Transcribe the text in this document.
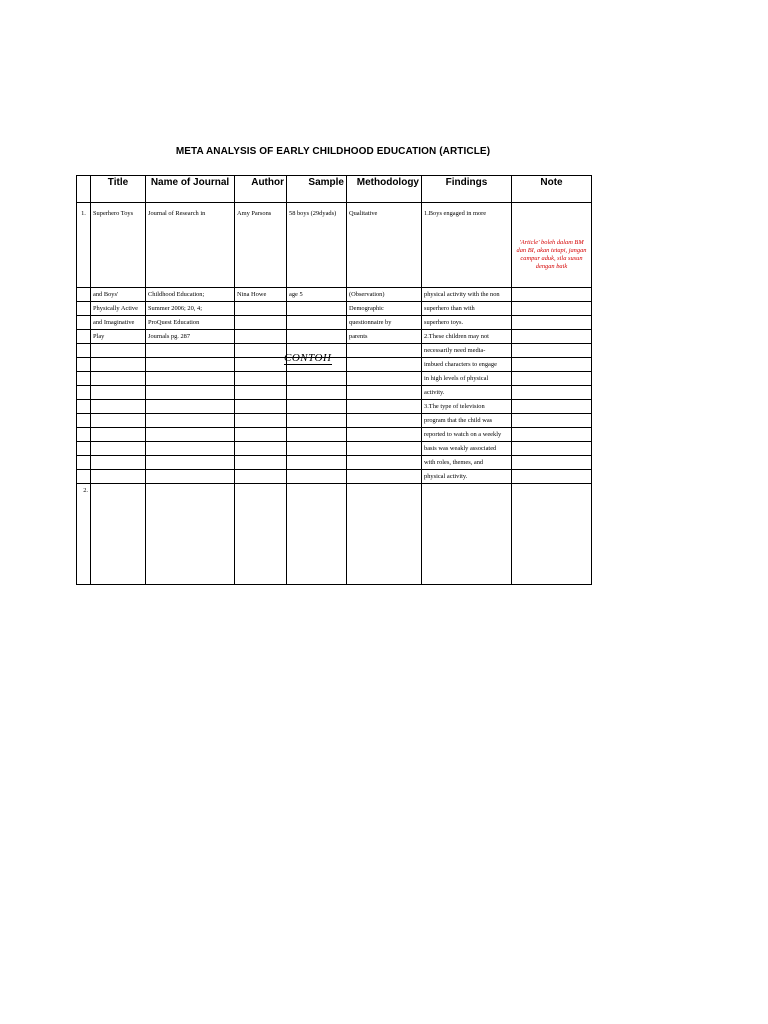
META ANALYSIS OF EARLY CHILDHOOD EDUCATION (ARTICLE)
	Title	Name of Journal	Author	Sample	Methodology	Findings	Note
1.	Superhero Toys	Journal of Research in	Amy Parsons	58 boys (29dyads)	Qualitative	1.Boys engaged in more	'Article' boleh dalam BM dan BI, akan tetapi, jangan campur aduk, sila susun dengan baik

	and Boys'	Childhood Education;	Nina Howe	age 5	(Observation)	physical activity with the non	
	Physically Active	Summer 2006; 20, 4;			Demographic	superhero than with	
	and Imaginative	ProQuest Education			questionnaire by	superhero toys.	
	Play	Journals pg. 287			parents	2.These children may not	
						necessarily need media-	
						imbued characters to engage	
						in high levels of physical	
						activity.	
						3.The type of television	
						program that the child was	
						reported to watch on a weekly	
						basis was weakly associated	
						with roles, themes, and	
						physical activity.	
2.							
CONTOH
